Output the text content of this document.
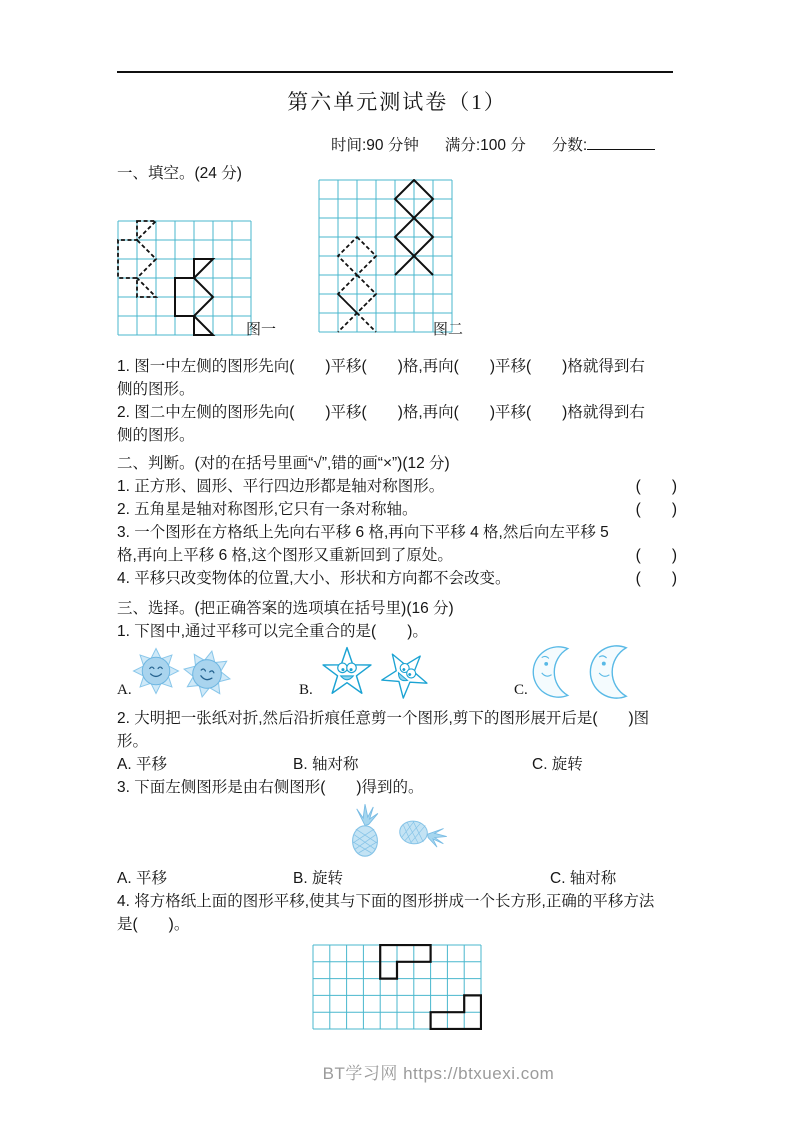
第六单元测试卷（1）
时间:90 分钟 满分:100 分 分数:
一、填空。(24 分)
图一	图二
1. 图一中左侧的图形先向(　　)平移(　　)格,再向(　　)平移(　　)格就得到右
侧的图形。
2. 图二中左侧的图形先向(　　)平移(　　)格,再向(　　)平移(　　)格就得到右
侧的图形。
二、判断。(对的在括号里画“√”,错的画“×”)(12 分)
1. 正方形、圆形、平行四边形都是轴对称图形。	(　　)
2. 五角星是轴对称图形,它只有一条对称轴。	(　　)
3. 一个图形在方格纸上先向右平移 6 格,再向下平移 4 格,然后向左平移 5 格,再向上平移 6 格,这个图形又重新回到了原处。	(　　)
4. 平移只改变物体的位置,大小、形状和方向都不会改变。	(　　)
三、选择。(把正确答案的选项填在括号里)(16 分)
1. 下图中,通过平移可以完全重合的是(　　)。
A.	B.	C.
2. 大明把一张纸对折,然后沿折痕任意剪一个图形,剪下的图形展开后是(　　)图
形。
A. 平移	B. 轴对称	C. 旋转
3. 下面左侧图形是由右侧图形(　　)得到的。
A. 平移	B. 旋转	C. 轴对称
4. 将方格纸上面的图形平移,使其与下面的图形拼成一个长方形,正确的平移方法
是(　　)。
BT学习网 https://btxuexi.com
